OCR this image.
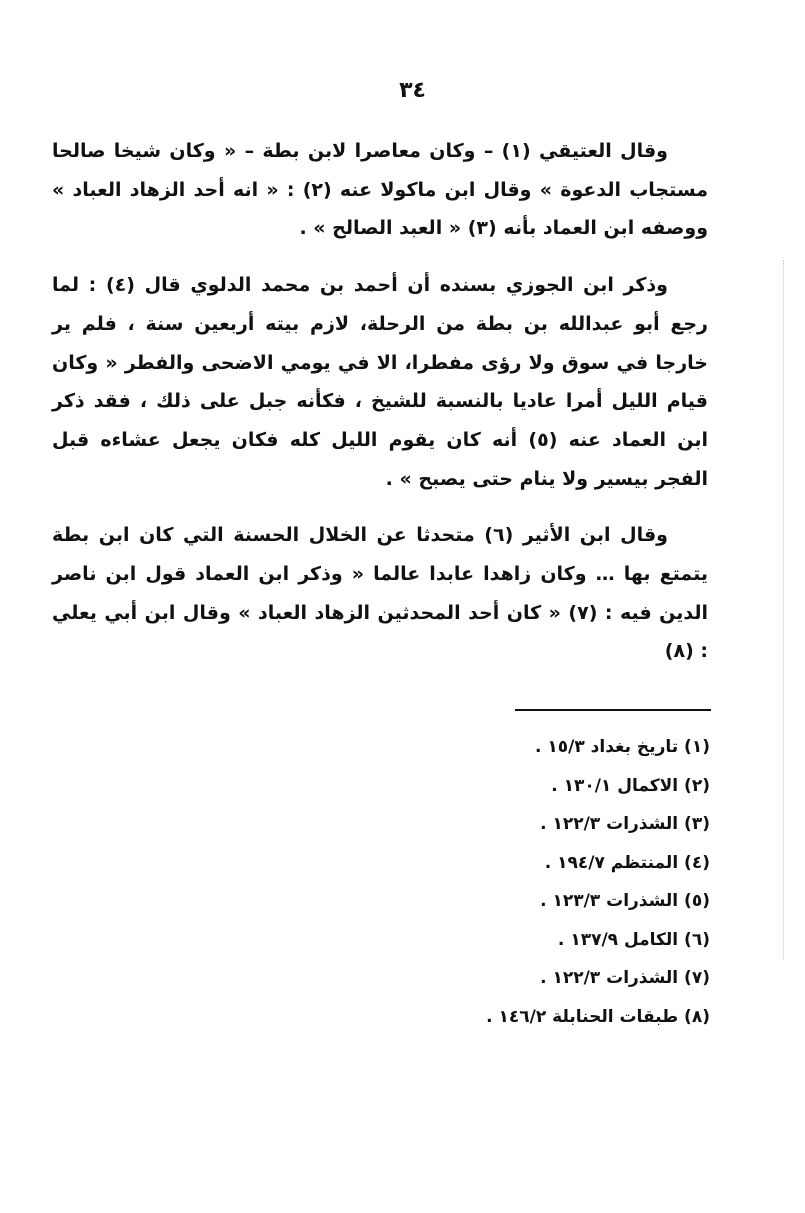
٣٤

وقال العتيقي (١) – وكان معاصرا لابن بطة – « وكان شيخا صالحا مستجاب الدعوة » وقال ابن ماكولا عنه (٢) : « انه أحد الزهاد العباد » ووصفه ابن العماد بأنه (٣) « العبد الصالح » .

وذكر ابن الجوزي بسنده أن أحمد بن محمد الدلوي قال (٤) : لما رجع أبو عبدالله بن بطة من الرحلة، لازم بيته أربعين سنة ، فلم ير خارجا في سوق ولا رؤى مفطرا، الا في يومي الاضحى والفطر « وكان قيام الليل أمرا عاديا بالنسبة للشيخ ، فكأنه جبل على ذلك ، فقد ذكر ابن العماد عنه (٥) أنه كان يقوم الليل كله فكان يجعل عشاءه قبل الفجر بيسير ولا ينام حتى يصبح » .

وقال ابن الأثير (٦) متحدثا عن الخلال الحسنة التي كان ابن بطة يتمتع بها … وكان زاهدا عابدا عالما « وذكر ابن العماد قول ابن ناصر الدين فيه : (٧) « كان أحد المحدثين الزهاد العباد » وقال ابن أبي يعلي : (٨)

(١) تاريخ بغداد ١٥/٣ .
(٢) الاكمال ١٣٠/١ .
(٣) الشذرات ١٢٢/٣ .
(٤) المنتظم ١٩٤/٧ .
(٥) الشذرات ١٢٣/٣ .
(٦) الكامل ١٣٧/٩ .
(٧) الشذرات ١٢٢/٣ .
(٨) طبقات الحنابلة ١٤٦/٢ .
